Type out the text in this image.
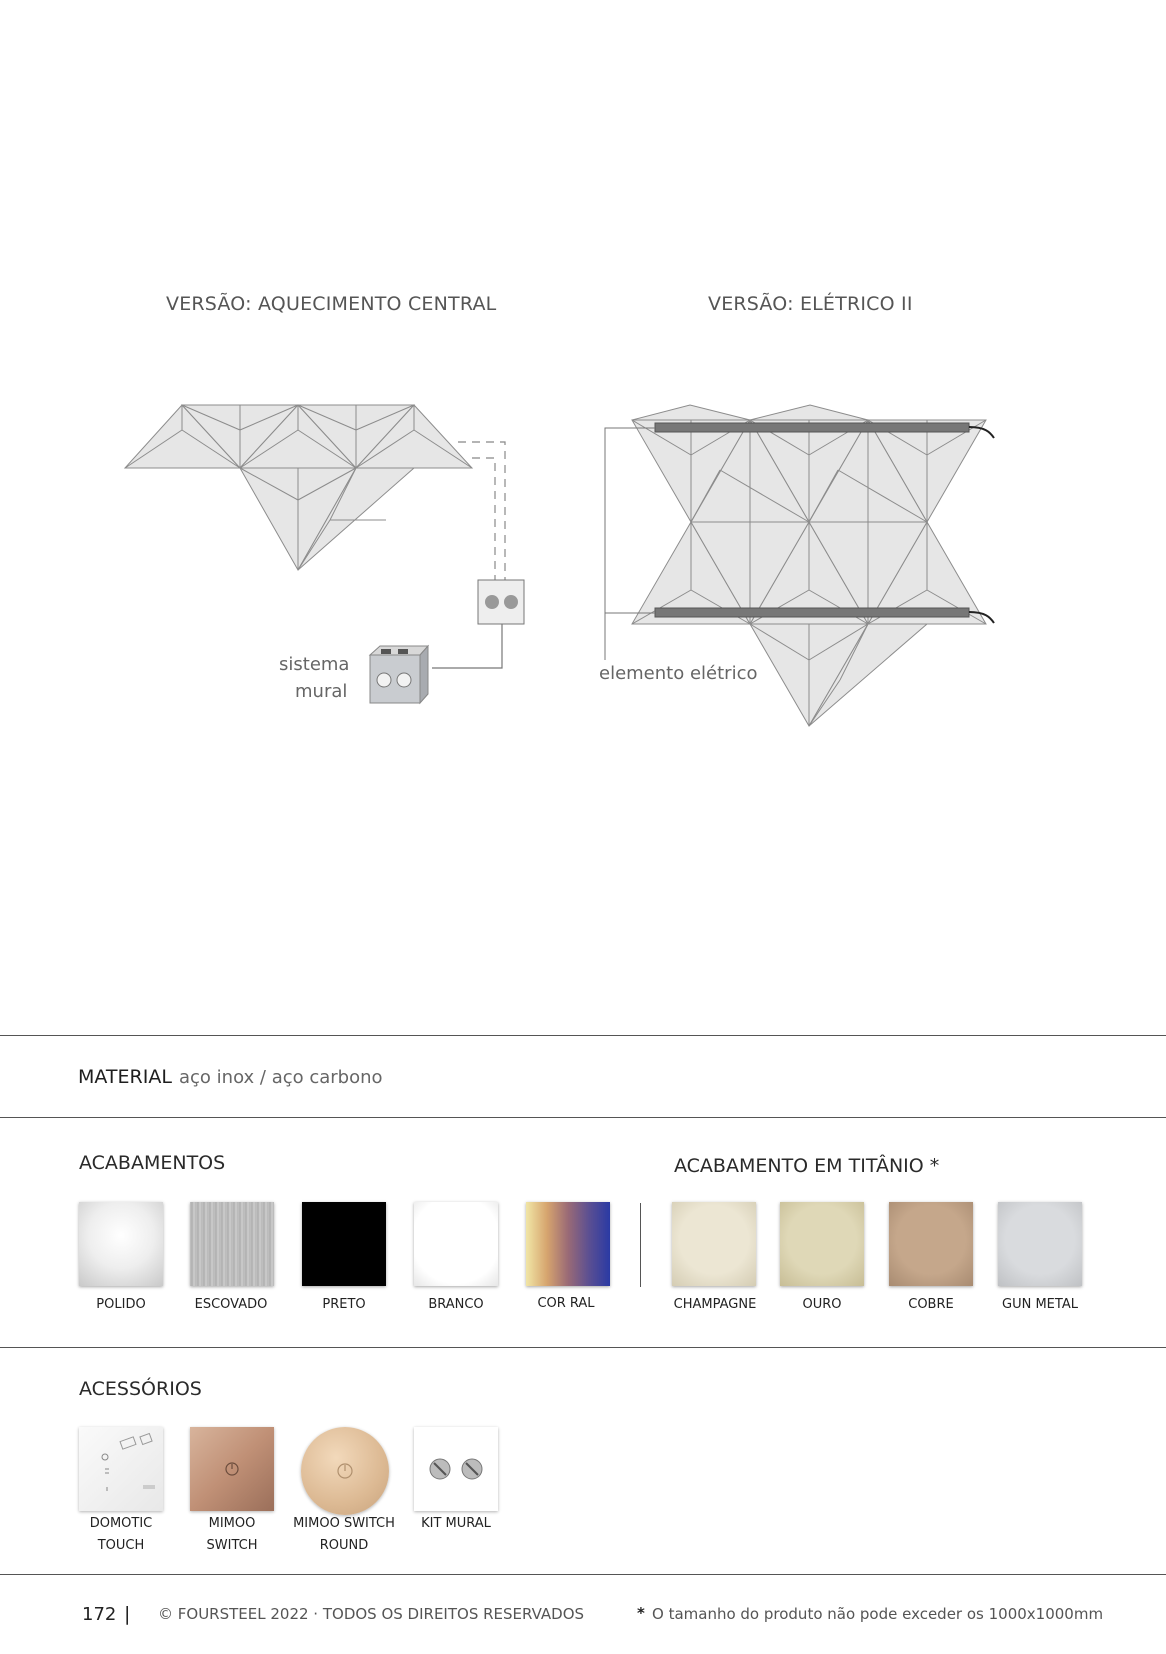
VERSÃO: AQUECIMENTO CENTRAL	VERSÃO: ELÉTRICO II
sistema
mural
elemento elétrico
MATERIAL aço inox / aço carbono
ACABAMENTOS	ACABAMENTO EM TITÂNIO *
POLIDO	ESCOVADO	PRETO	BRANCO	COR RAL	CHAMPAGNE	OURO	COBRE	GUN METAL
ACESSÓRIOS
DOMOTIC
TOUCH
MIMOO
SWITCH
MIMOO SWITCH
ROUND
KIT MURAL
172 | © FOURSTEEL 2022 · TODOS OS DIREITOS RESERVADOS	* O tamanho do produto não pode exceder os 1000x1000mm
